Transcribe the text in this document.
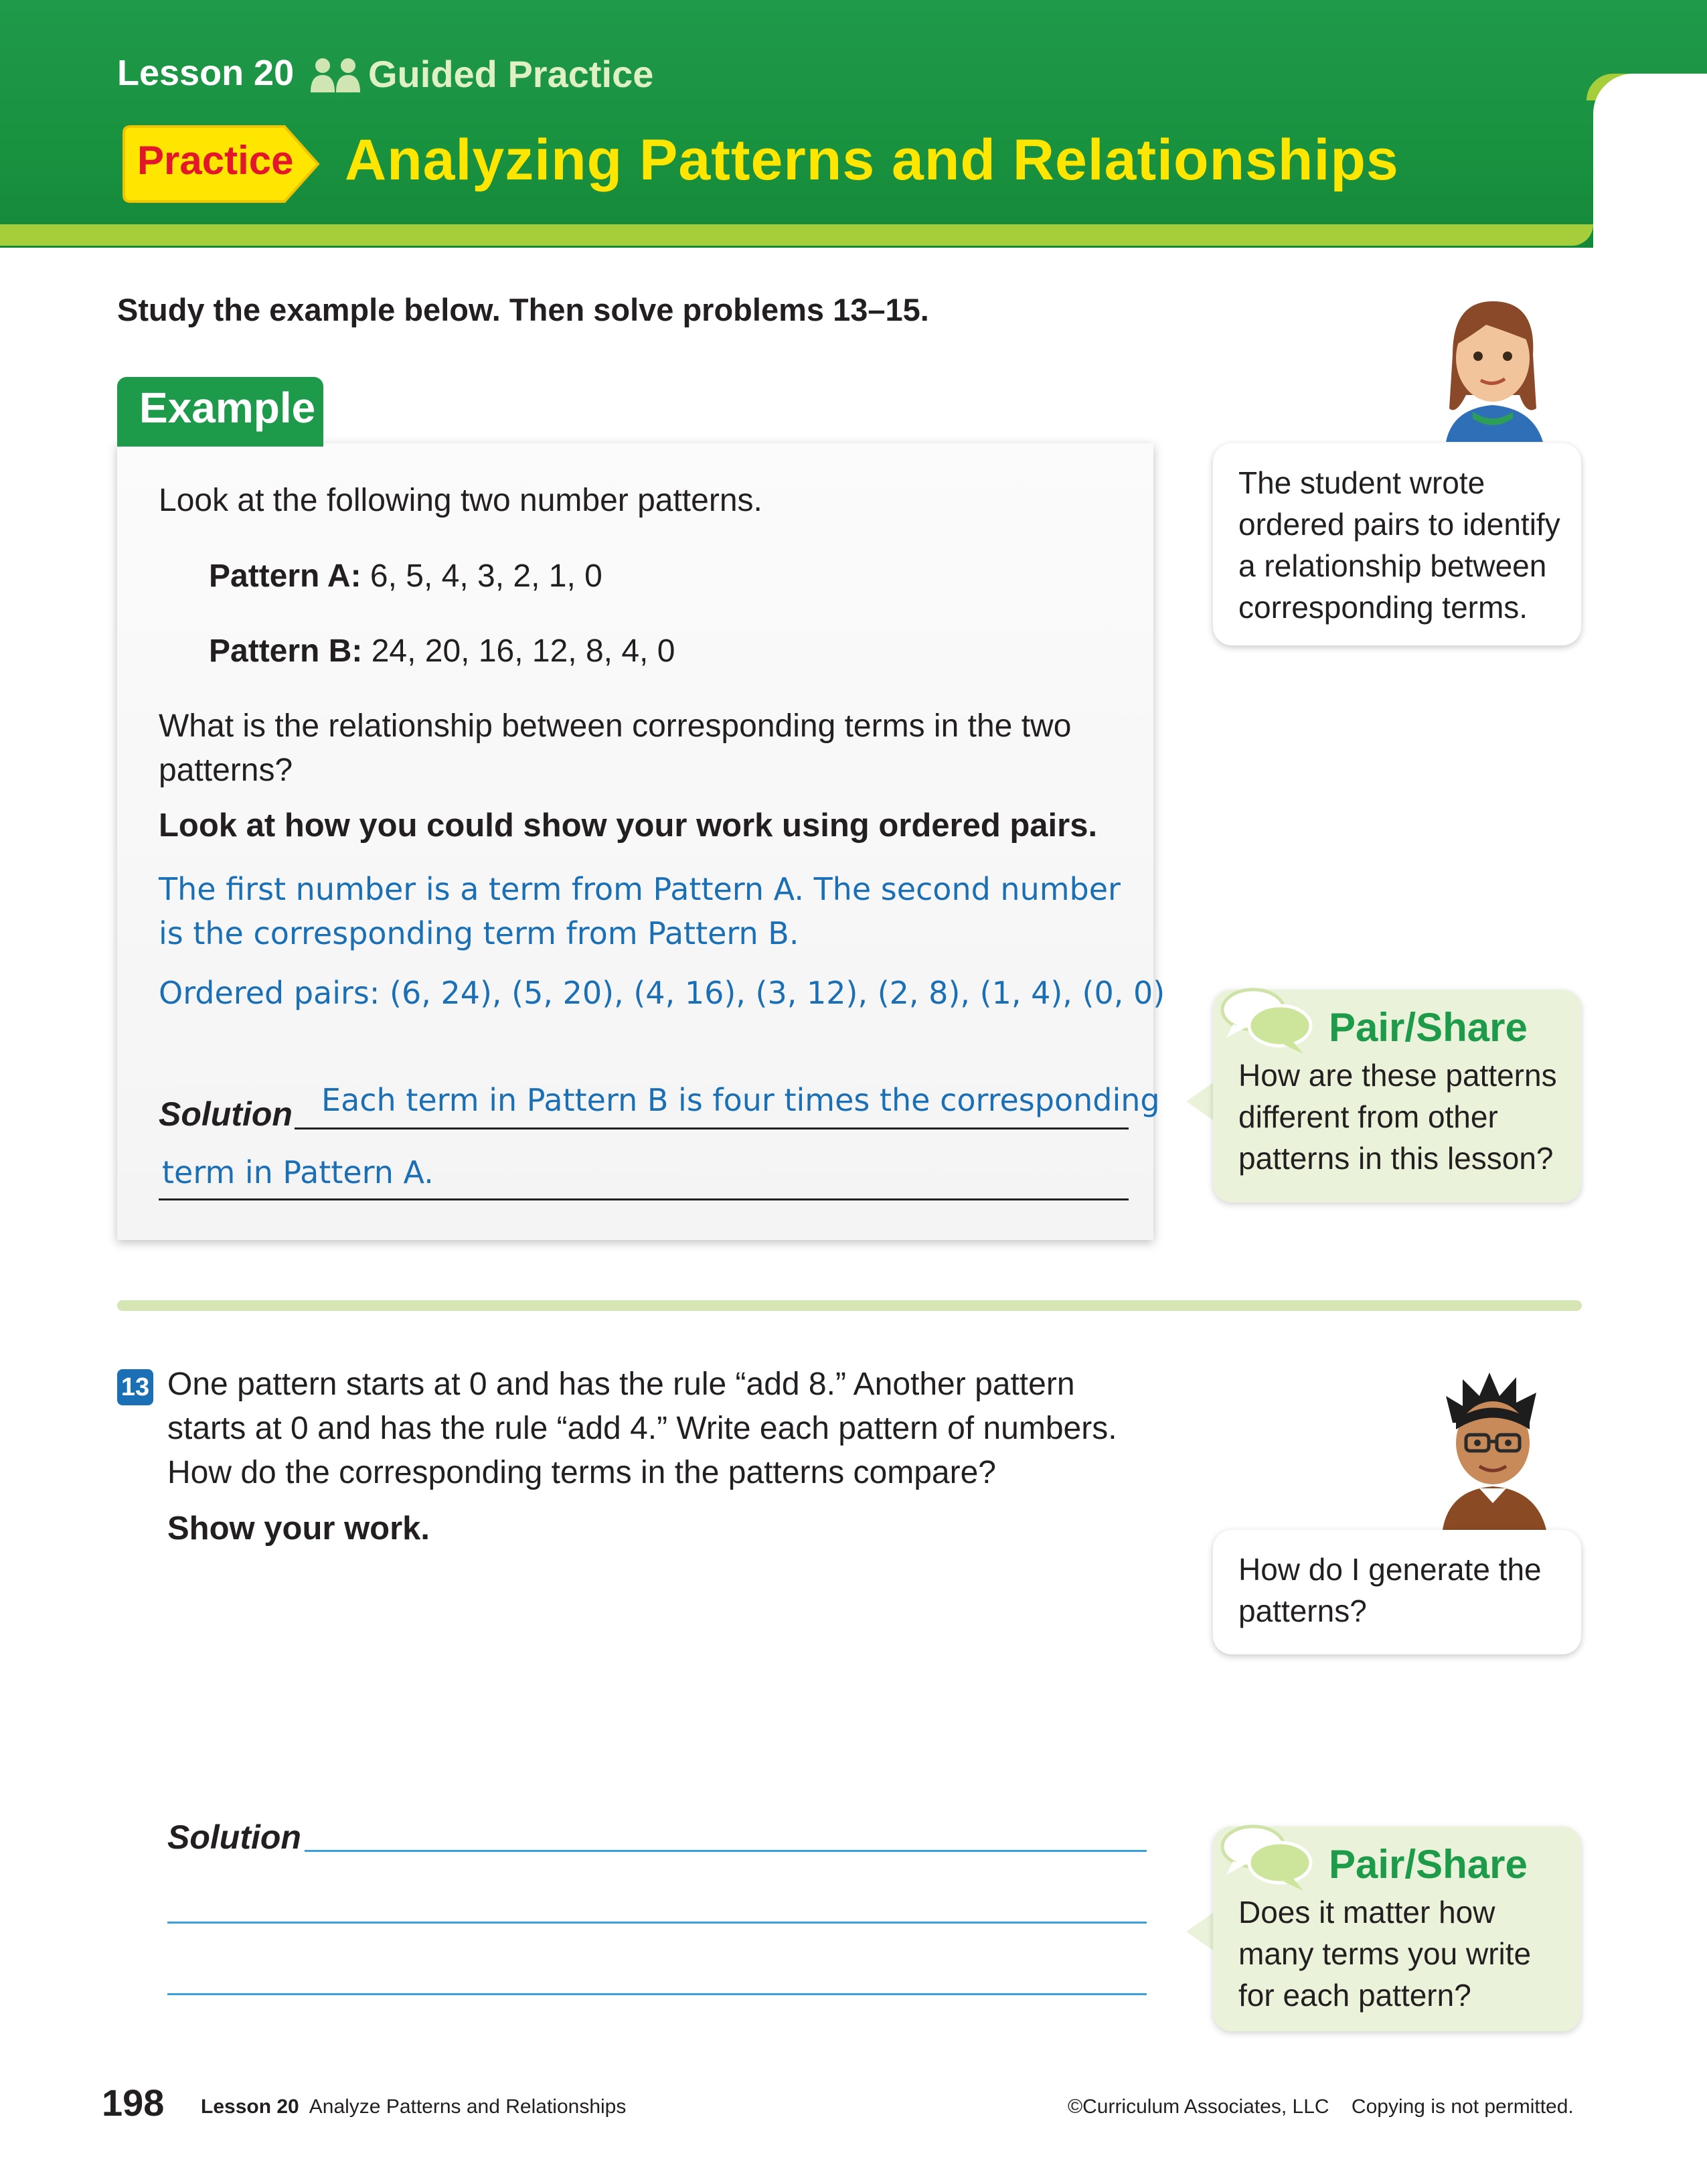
Lesson 20 Guided Practice
Practice Analyzing Patterns and Relationships
Study the example below. Then solve problems 13–15.
Example
Look at the following two number patterns.
Pattern A: 6, 5, 4, 3, 2, 1, 0
Pattern B: 24, 20, 16, 12, 8, 4, 0
What is the relationship between corresponding terms in the two patterns?
Look at how you could show your work using ordered pairs.
The first number is a term from Pattern A. The second number is the corresponding term from Pattern B.
Ordered pairs: (6, 24), (5, 20), (4, 16), (3, 12), (2, 8), (1, 4), (0, 0)
Solution Each term in Pattern B is four times the corresponding
term in Pattern A.
13 One pattern starts at 0 and has the rule “add 8.” Another pattern starts at 0 and has the rule “add 4.” Write each pattern of numbers. How do the corresponding terms in the patterns compare?
Show your work.
Solution
The student wrote ordered pairs to identify a relationship between corresponding terms.
Pair/Share
How are these patterns different from other patterns in this lesson?
How do I generate the patterns?
Pair/Share
Does it matter how many terms you write for each pattern?
198 Lesson 20 Analyze Patterns and Relationships	©Curriculum Associates, LLC Copying is not permitted.
